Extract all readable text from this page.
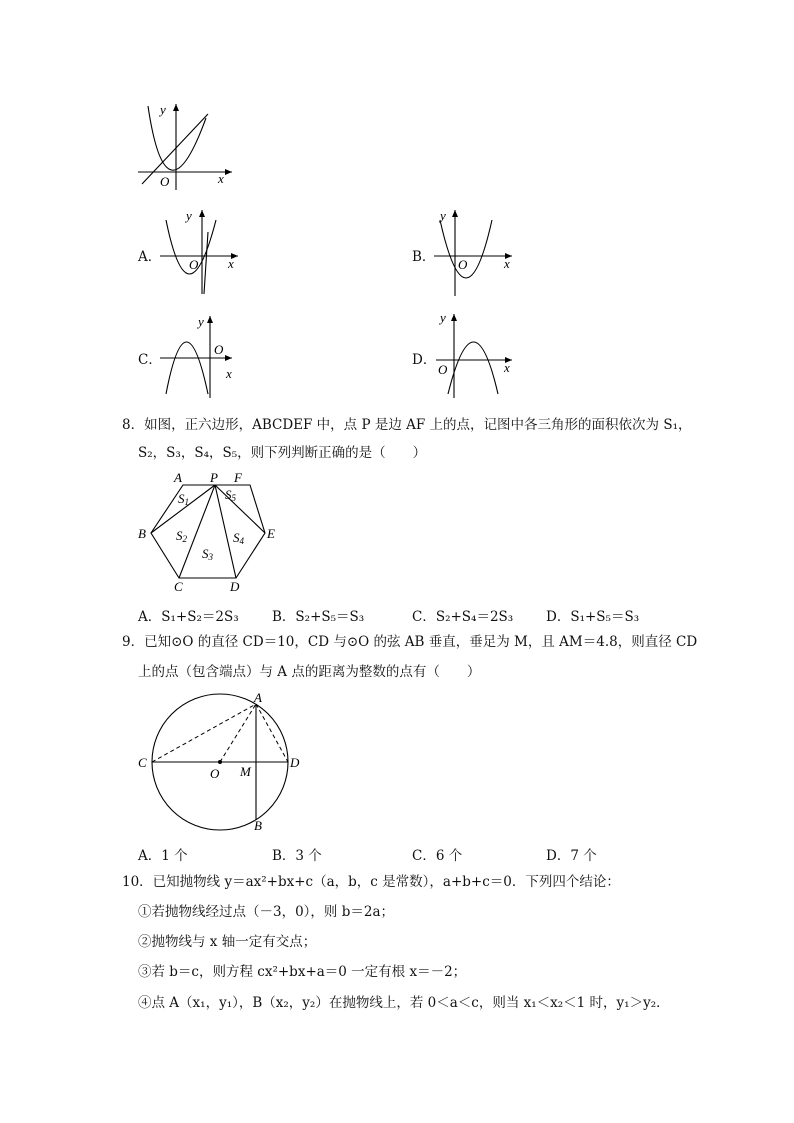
y
x
O
A．
y
x
O	B．
y
x
O
C．
y
x
O
D．
y
x
O
8．如图，正六边形，ABCDEF 中，点 P 是边 AF 上的点，记图中各三角形的面积依次为 S₁，
S₂，S₃，S₄，S₅，则下列判断正确的是（　　）
A P F
B	E
C	D
S1
S2
S3
S4
S5
A．S₁+S₂＝2S₃ B．S₂+S₅＝S₃	C．S₂+S₄＝2S₃ D．S₁+S₅＝S₃
9．已知⊙O 的直径 CD＝10，CD 与⊙O 的弦 AB 垂直，垂足为 M，且 AM＝4.8，则直径 CD
上的点（包含端点）与 A 点的距离为整数的点有（　　）
A
B
C	D
O M
A．1 个	B．3 个	C．6 个	D．7 个
10．已知抛物线 y＝ax²+bx+c（a，b，c 是常数），a+b+c＝0．下列四个结论：
①若抛物线经过点（－3，0），则 b＝2a；
②抛物线与 x 轴一定有交点；
③若 b＝c，则方程 cx²+bx+a＝0 一定有根 x＝－2；
④点 A（x₁，y₁），B（x₂，y₂）在抛物线上，若 0＜a＜c，则当 x₁＜x₂＜1 时，y₁＞y₂．
